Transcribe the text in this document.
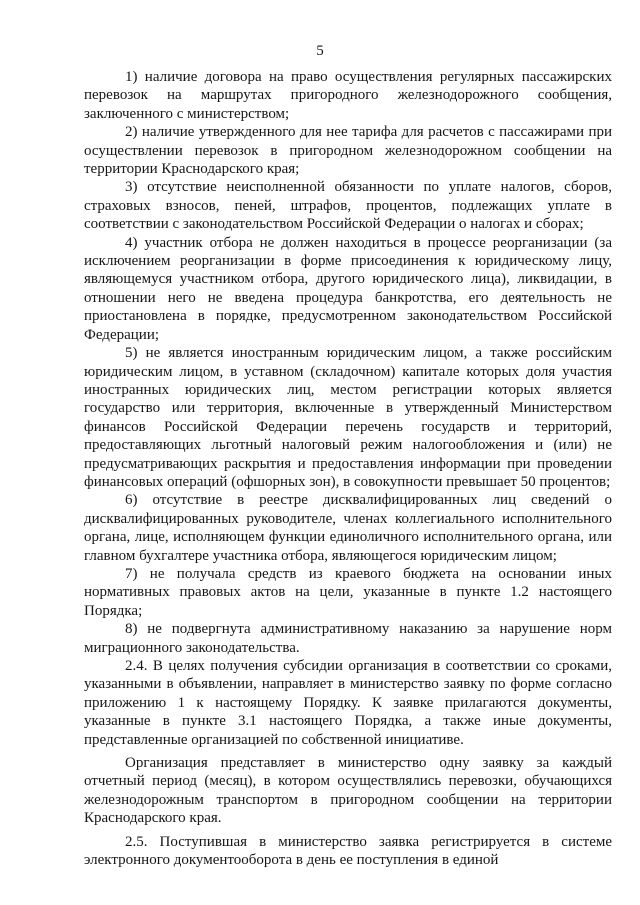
5

1) наличие договора на право осуществления регулярных пассажирских перевозок на маршрутах пригородного железнодорожного сообщения, заключенного с министерством;

2) наличие утвержденного для нее тарифа для расчетов с пассажирами при осуществлении перевозок в пригородном железнодорожном сообщении на территории Краснодарского края;

3) отсутствие неисполненной обязанности по уплате налогов, сборов, страховых взносов, пеней, штрафов, процентов, подлежащих уплате в соответствии с законодательством Российской Федерации о налогах и сборах;

4) участник отбора не должен находиться в процессе реорганизации (за исключением реорганизации в форме присоединения к юридическому лицу, являющемуся участником отбора, другого юридического лица), ликвидации, в отношении него не введена процедура банкротства, его деятельность не приостановлена в порядке, предусмотренном законодательством Российской Федерации;

5) не является иностранным юридическим лицом, а также российским юридическим лицом, в уставном (складочном) капитале которых доля участия иностранных юридических лиц, местом регистрации которых является государство или территория, включенные в утвержденный Министерством финансов Российской Федерации перечень государств и территорий, предоставляющих льготный налоговый режим налогообложения и (или) не предусматривающих раскрытия и предоставления информации при проведении финансовых операций (офшорных зон), в совокупности превышает 50 процентов;

6) отсутствие в реестре дисквалифицированных лиц сведений о дисквалифицированных руководителе, членах коллегиального исполнительного органа, лице, исполняющем функции единоличного исполнительного органа, или главном бухгалтере участника отбора, являющегося юридическим лицом;

7) не получала средств из краевого бюджета на основании иных нормативных правовых актов на цели, указанные в пункте 1.2 настоящего Порядка;

8) не подвергнута административному наказанию за нарушение норм миграционного законодательства.

2.4. В целях получения субсидии организация в соответствии со сроками, указанными в объявлении, направляет в министерство заявку по форме согласно приложению 1 к настоящему Порядку. К заявке прилагаются документы, указанные в пункте 3.1 настоящего Порядка, а также иные документы, представленные организацией по собственной инициативе.

Организация представляет в министерство одну заявку за каждый отчетный период (месяц), в котором осуществлялись перевозки, обучающихся железнодорожным транспортом в пригородном сообщении на территории Краснодарского края.

2.5. Поступившая в министерство заявка регистрируется в системе электронного документооборота в день ее поступления в единой
